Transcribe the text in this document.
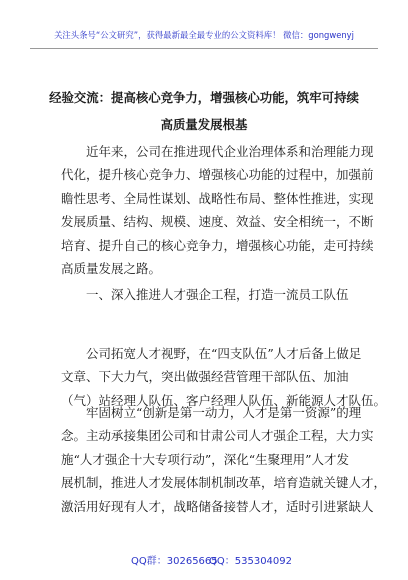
关注头条号“公文研究”，获得最新最全最专业的公文资料库！ 微信：gongwenyj
经验交流：提高核心竞争力，增强核心功能，筑牢可持续
高质量发展根基
近年来，公司在推进现代企业治理体系和治理能力现
代化，提升核心竞争力、增强核心功能的过程中，加强前
瞻性思考、全局性谋划、战略性布局、整体性推进，实现
发展质量、结构、规模、速度、效益、安全相统一，不断
培育、提升自己的核心竞争力，增强核心功能，走可持续
高质量发展之路。
一、深入推进人才强企工程，打造一流员工队伍
公司拓宽人才视野，在“四支队伍”人才后备上做足
文章、下大力气，突出做强经营管理干部队伍、加油
（气）站经理人队伍、客户经理人队伍、新能源人才队伍。
牢固树立“创新是第一动力，人才是第一资源”的理
念。主动承接集团公司和甘肃公司人才强企工程，大力实
施“人才强企十大专项行动”，深化“生聚理用”人才发
展机制，推进人才发展体制机制改革，培育造就关键人才，
激活用好现有人才，战略储备接替人才，适时引进紧缺人
QQ群：30265665
QQ：535304092
